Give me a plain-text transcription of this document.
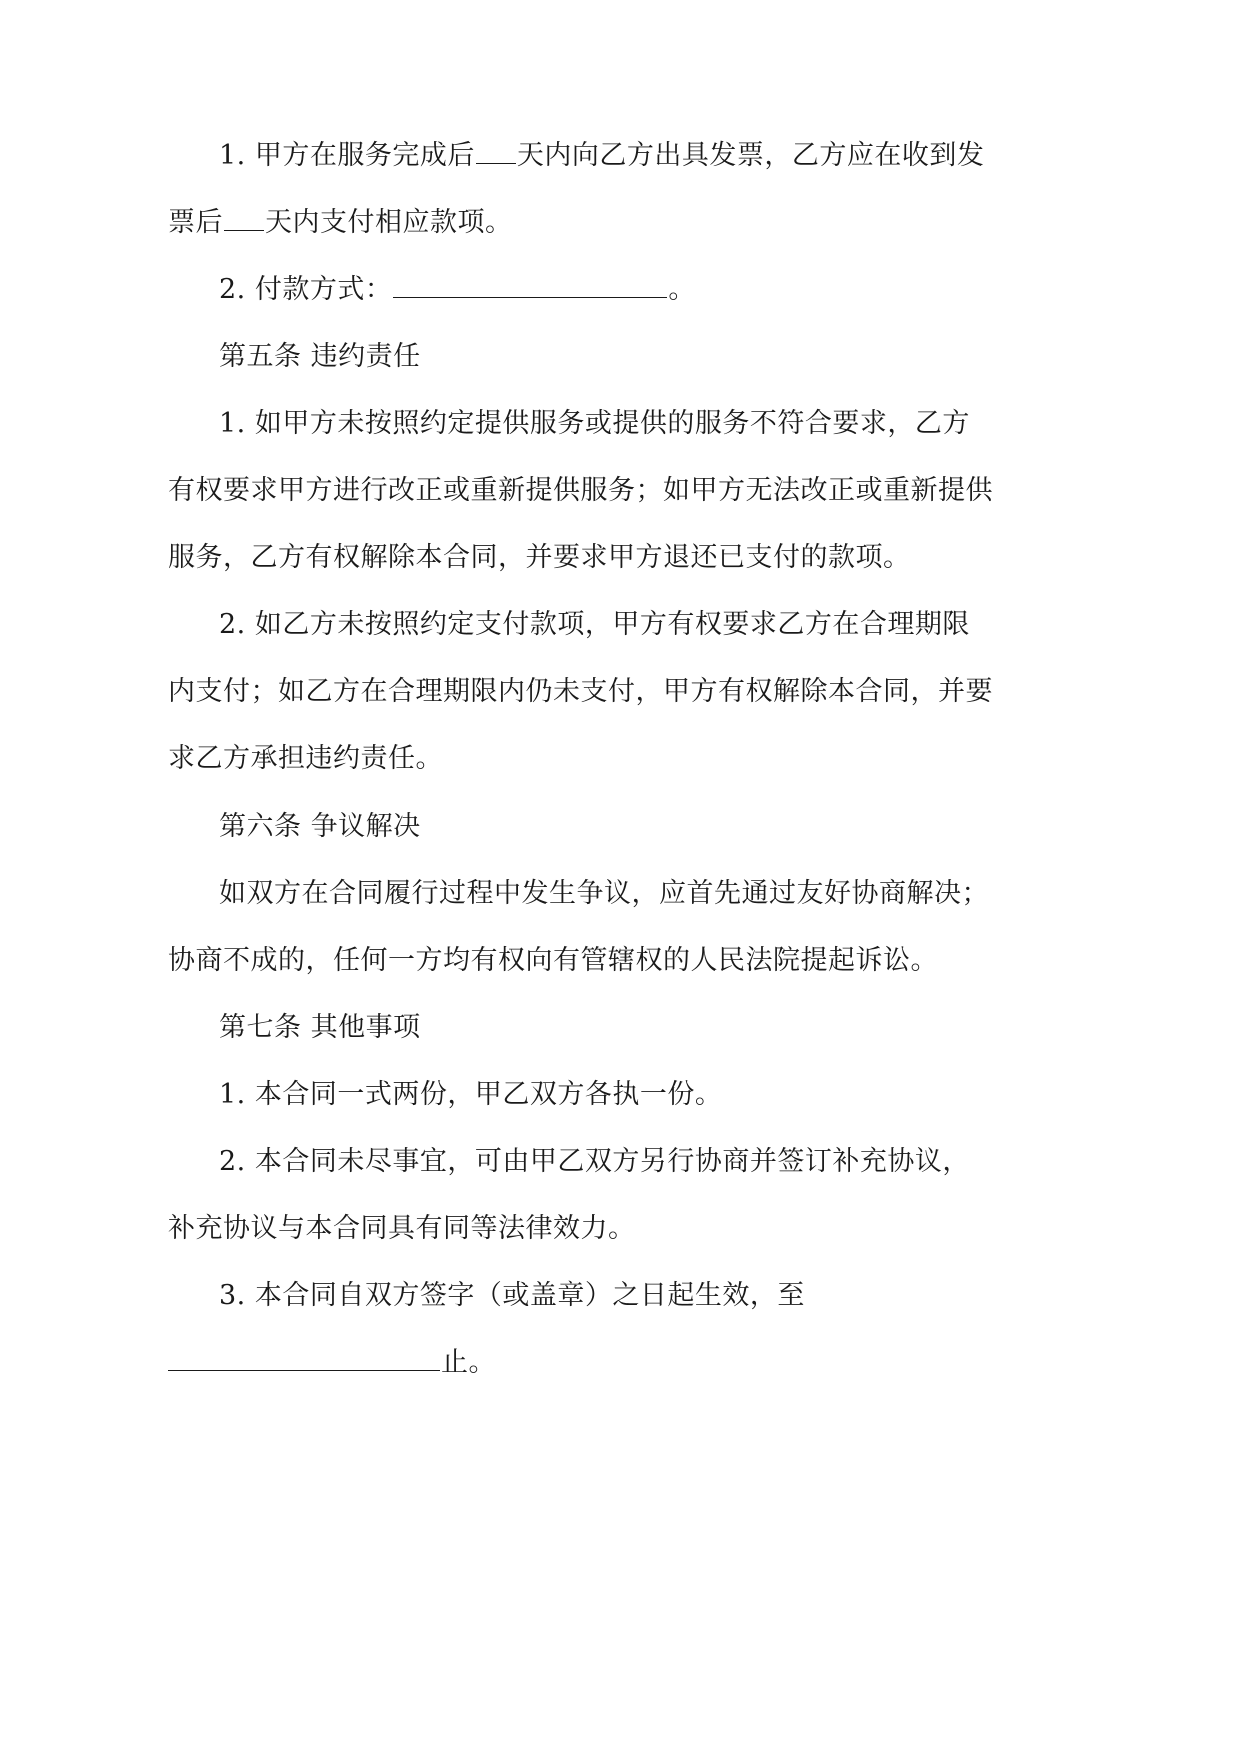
1. 甲方在服务完成后 天内向乙方出具发票，乙方应在收到发
票后 天内支付相应款项。
2. 付款方式：	。
第五条 违约责任
1. 如甲方未按照约定提供服务或提供的服务不符合要求，乙方
有权要求甲方进行改正或重新提供服务；如甲方无法改正或重新提供
服务，乙方有权解除本合同，并要求甲方退还已支付的款项。
2. 如乙方未按照约定支付款项，甲方有权要求乙方在合理期限
内支付；如乙方在合理期限内仍未支付，甲方有权解除本合同，并要
求乙方承担违约责任。
第六条 争议解决
如双方在合同履行过程中发生争议，应首先通过友好协商解决；
协商不成的，任何一方均有权向有管辖权的人民法院提起诉讼。
第七条 其他事项
1. 本合同一式两份，甲乙双方各执一份。
2. 本合同未尽事宜，可由甲乙双方另行协商并签订补充协议，
补充协议与本合同具有同等法律效力。
3. 本合同自双方签字（或盖章）之日起生效，至
止。
